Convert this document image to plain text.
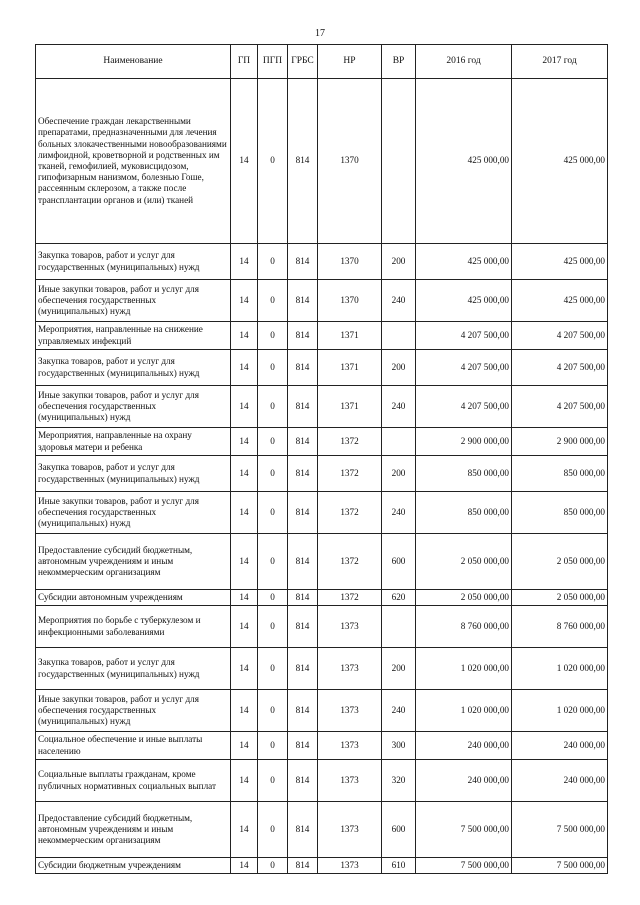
17
Наименование	ГП	ПГП	ГРБС	НР	ВР	2016 год	2017 год
Обеспечение граждан лекарственными препаратами, предназначенными для лечения больных злокачественными новообразованиями лимфоидной, кроветворной и родственных им тканей, гемофилией, муковисцидозом, гипофизарным нанизмом, болезнью Гоше, рассеянным склерозом, а также после трансплантации органов и (или) тканей	14	0	814	1370		425 000,00	425 000,00
Закупка товаров, работ и услуг для государственных (муниципальных) нужд	14	0	814	1370	200	425 000,00	425 000,00
Иные закупки товаров, работ и услуг для обеспечения государственных (муниципальных) нужд	14	0	814	1370	240	425 000,00	425 000,00
Мероприятия, направленные на снижение управляемых инфекций	14	0	814	1371		4 207 500,00	4 207 500,00
Закупка товаров, работ и услуг для государственных (муниципальных) нужд	14	0	814	1371	200	4 207 500,00	4 207 500,00
Иные закупки товаров, работ и услуг для обеспечения государственных (муниципальных) нужд	14	0	814	1371	240	4 207 500,00	4 207 500,00
Мероприятия, направленные на охрану здоровья матери и ребенка	14	0	814	1372		2 900 000,00	2 900 000,00
Закупка товаров, работ и услуг для государственных (муниципальных) нужд	14	0	814	1372	200	850 000,00	850 000,00
Иные закупки товаров, работ и услуг для обеспечения государственных (муниципальных) нужд	14	0	814	1372	240	850 000,00	850 000,00
Предоставление субсидий бюджетным, автономным учреждениям и иным некоммерческим организациям	14	0	814	1372	600	2 050 000,00	2 050 000,00
Субсидии автономным учреждениям	14	0	814	1372	620	2 050 000,00	2 050 000,00
Мероприятия по борьбе с туберкулезом и инфекционными заболеваниями	14	0	814	1373		8 760 000,00	8 760 000,00
Закупка товаров, работ и услуг для государственных (муниципальных) нужд	14	0	814	1373	200	1 020 000,00	1 020 000,00
Иные закупки товаров, работ и услуг для обеспечения государственных (муниципальных) нужд	14	0	814	1373	240	1 020 000,00	1 020 000,00
Социальное обеспечение и иные выплаты населению	14	0	814	1373	300	240 000,00	240 000,00
Социальные выплаты гражданам, кроме публичных нормативных социальных выплат	14	0	814	1373	320	240 000,00	240 000,00
Предоставление субсидий бюджетным, автономным учреждениям и иным некоммерческим организациям	14	0	814	1373	600	7 500 000,00	7 500 000,00
Субсидии бюджетным учреждениям	14	0	814	1373	610	7 500 000,00	7 500 000,00
